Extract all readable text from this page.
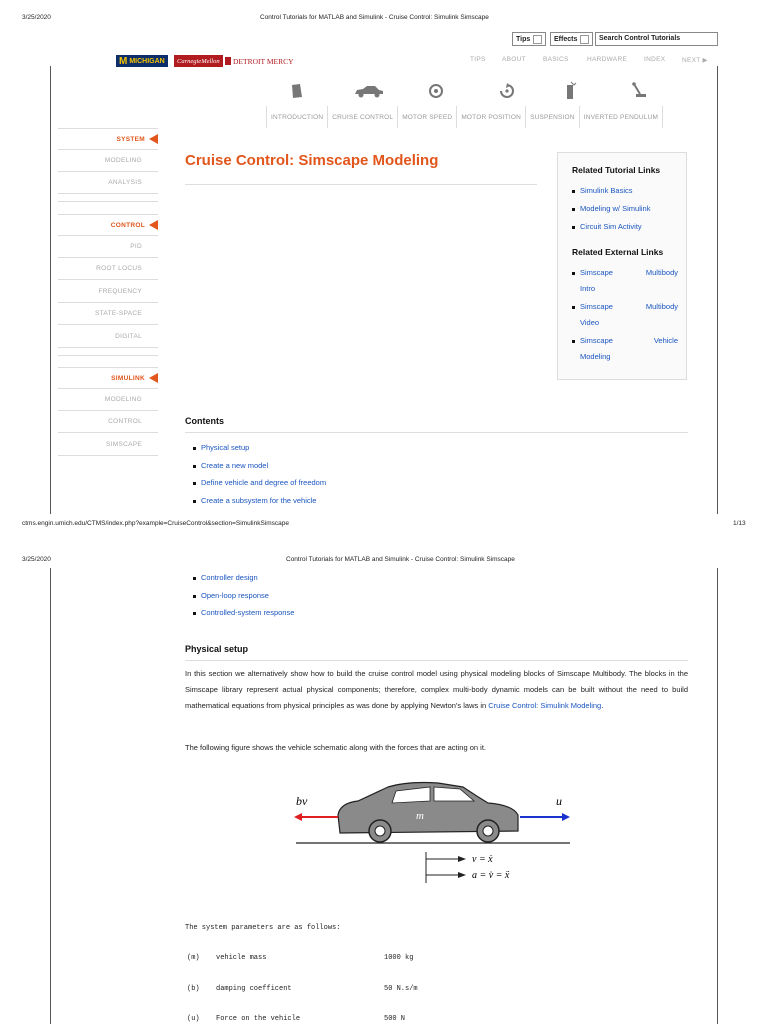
3/25/2020	Control Tutorials for MATLAB and Simulink - Cruise Control: Simulink Simscape
Tips	Effects	Search Control Tutorials
M MICHIGAN	CarnegieMellon	DETROIT MERCY	TIPS	ABOUT	BASICS	HARDWARE	INDEX	NEXT ▶
INTRODUCTION	CRUISE CONTROL	MOTOR SPEED	MOTOR POSITION	SUSPENSION	INVERTED PENDULUM
SYSTEM
MODELING
ANALYSIS
CONTROL
PID
ROOT LOCUS
FREQUENCY
STATE-SPACE
DIGITAL
SIMULINK
MODELING
CONTROL
SIMSCAPE
Cruise Control: Simscape Modeling
Related Tutorial Links
Simulink Basics
Modeling w/ Simulink
Circuit Sim Activity
Related External Links
Simscape	Multibody
Intro
Simscape	Multibody
Video
Simscape	Vehicle
Modeling
Contents
Physical setup
Create a new model
Define vehicle and degree of freedom
Create a subsystem for the vehicle
ctms.engin.umich.edu/CTMS/index.php?example=CruiseControl&section=SimulinkSimscape	1/13
3/25/2020	Control Tutorials for MATLAB and Simulink - Cruise Control: Simulink Simscape
Controller design
Open-loop response
Controlled-system response
Physical setup
In this section we alternatively show how to build the cruise control model using physical modeling blocks of Simscape Multibody. The blocks in the Simscape library represent actual physical components; therefore, complex multi-body dynamic models can be built without the need to build mathematical equations from physical principles as was done by applying Newton's laws in Cruise Control: Simulink Modeling.
The following figure shows the vehicle schematic along with the forces that are acting on it.
bv	u
m
v = ẋ
a = v̇ = ẍ
The system parameters are as follows:
(m) vehicle mass	1000 kg
(b) damping coefficent	50 N.s/m
(u) Force on the vehicle	500 N
